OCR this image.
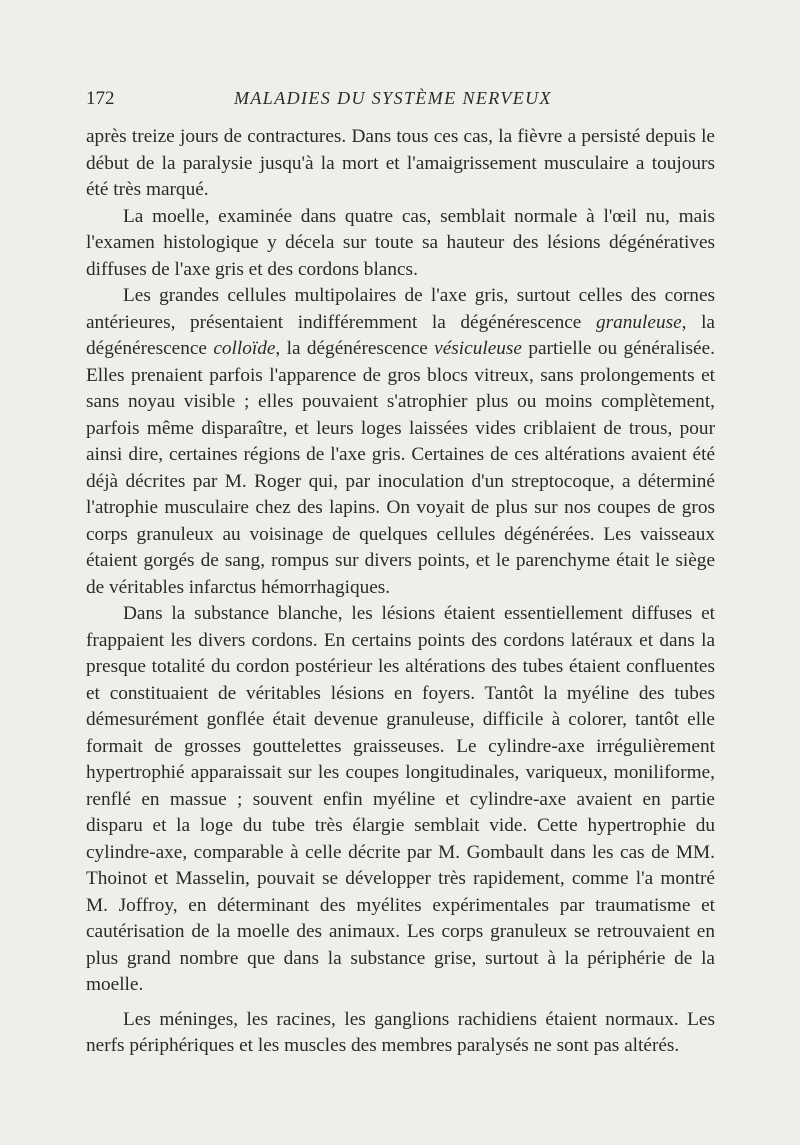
172	MALADIES DU SYSTÈME NERVEUX

après treize jours de contractures. Dans tous ces cas, la fièvre a persisté depuis le début de la paralysie jusqu'à la mort et l'amaigrissement musculaire a toujours été très marqué.

La moelle, examinée dans quatre cas, semblait normale à l'œil nu, mais l'examen histologique y décela sur toute sa hauteur des lésions dégénératives diffuses de l'axe gris et des cordons blancs.

Les grandes cellules multipolaires de l'axe gris, surtout celles des cornes antérieures, présentaient indifféremment la dégénérescence granuleuse, la dégénérescence colloïde, la dégénérescence vésiculeuse partielle ou généralisée. Elles prenaient parfois l'apparence de gros blocs vitreux, sans prolongements et sans noyau visible ; elles pouvaient s'atrophier plus ou moins complètement, parfois même disparaître, et leurs loges laissées vides criblaient de trous, pour ainsi dire, certaines régions de l'axe gris. Certaines de ces altérations avaient été déjà décrites par M. Roger qui, par inoculation d'un streptocoque, a déterminé l'atrophie musculaire chez des lapins. On voyait de plus sur nos coupes de gros corps granuleux au voisinage de quelques cellules dégénérées. Les vaisseaux étaient gorgés de sang, rompus sur divers points, et le parenchyme était le siège de véritables infarctus hémorrhagiques.

Dans la substance blanche, les lésions étaient essentiellement diffuses et frappaient les divers cordons. En certains points des cordons latéraux et dans la presque totalité du cordon postérieur les altérations des tubes étaient confluentes et constituaient de véritables lésions en foyers. Tantôt la myéline des tubes démesurément gonflée était devenue granuleuse, difficile à colorer, tantôt elle formait de grosses gouttelettes graisseuses. Le cylindre-axe irrégulièrement hypertrophié apparaissait sur les coupes longitudinales, variqueux, moniliforme, renflé en massue ; souvent enfin myéline et cylindre-axe avaient en partie disparu et la loge du tube très élargie semblait vide. Cette hypertrophie du cylindre-axe, comparable à celle décrite par M. Gombault dans les cas de MM. Thoinot et Masselin, pouvait se développer très rapidement, comme l'a montré M. Joffroy, en déterminant des myélites expérimentales par traumatisme et cautérisation de la moelle des animaux. Les corps granuleux se retrouvaient en plus grand nombre que dans la substance grise, surtout à la périphérie de la moelle.

Les méninges, les racines, les ganglions rachidiens étaient normaux. Les nerfs périphériques et les muscles des membres paralysés ne sont pas altérés.
